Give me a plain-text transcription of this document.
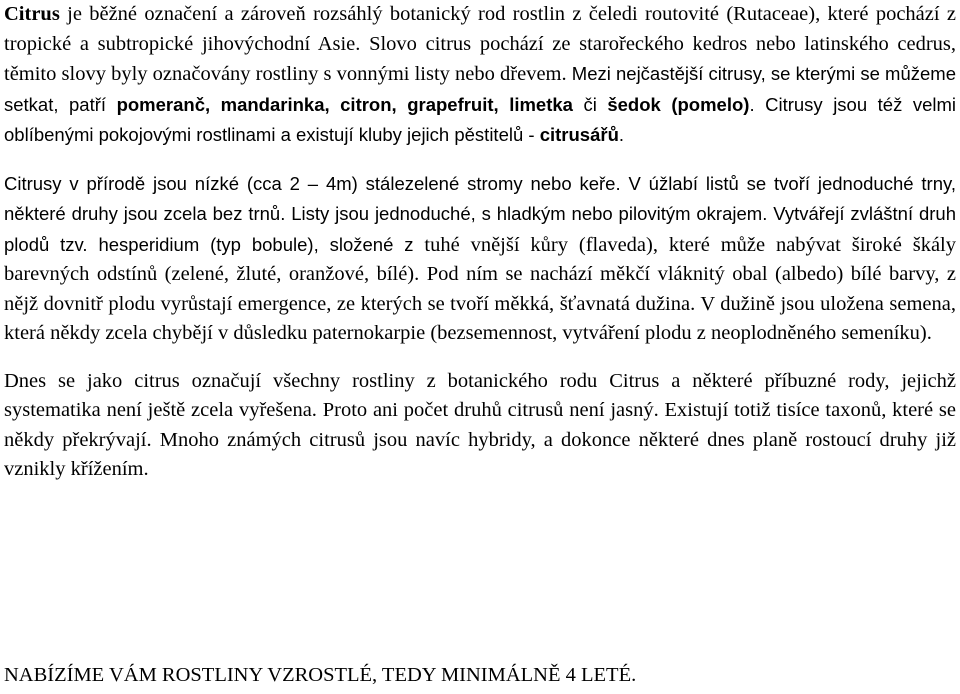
Citrus je běžné označení a zároveň rozsáhlý botanický rod rostlin z čeledi routovité (Rutaceae), které pochází z tropické a subtropické jihovýchodní Asie. Slovo citrus pochází ze starořeckého kedros nebo latinského cedrus, těmito slovy byly označovány rostliny s vonnými listy nebo dřevem. Mezi nejčastější citrusy, se kterými se můžeme setkat, patří pomeranč, mandarinka, citron, grapefruit, limetka či šedok (pomelo). Citrusy jsou též velmi oblíbenými pokojovými rostlinami a existují kluby jejich pěstitelů - citrusářů.

Citrusy v přírodě jsou nízké (cca 2 – 4m) stálezelené stromy nebo keře. V úžlabí listů se tvoří jednoduché trny, některé druhy jsou zcela bez trnů. Listy jsou jednoduché, s hladkým nebo pilovitým okrajem. Vytvářejí zvláštní druh plodů tzv. hesperidium (typ bobule), složené z tuhé vnější kůry (flaveda), které může nabývat široké škály barevných odstínů (zelené, žluté, oranžové, bílé). Pod ním se nachází měkčí vláknitý obal (albedo) bílé barvy, z nějž dovnitř plodu vyrůstají emergence, ze kterých se tvoří měkká, šťavnatá dužina. V dužině jsou uložena semena, která někdy zcela chybějí v důsledku paternokarpie (bezsemennost, vytváření plodu z neoplodněného semeníku).

Dnes se jako citrus označují všechny rostliny z botanického rodu Citrus a některé příbuzné rody, jejichž systematika není ještě zcela vyřešena. Proto ani počet druhů citrusů není jasný. Existují totiž tisíce taxonů, které se někdy překrývají. Mnoho známých citrusů jsou navíc hybridy, a dokonce některé dnes planě rostoucí druhy již vznikly křížením.

NABÍZÍME VÁM ROSTLINY VZROSTLÉ, TEDY MINIMÁLNĚ 4 LETÉ.
